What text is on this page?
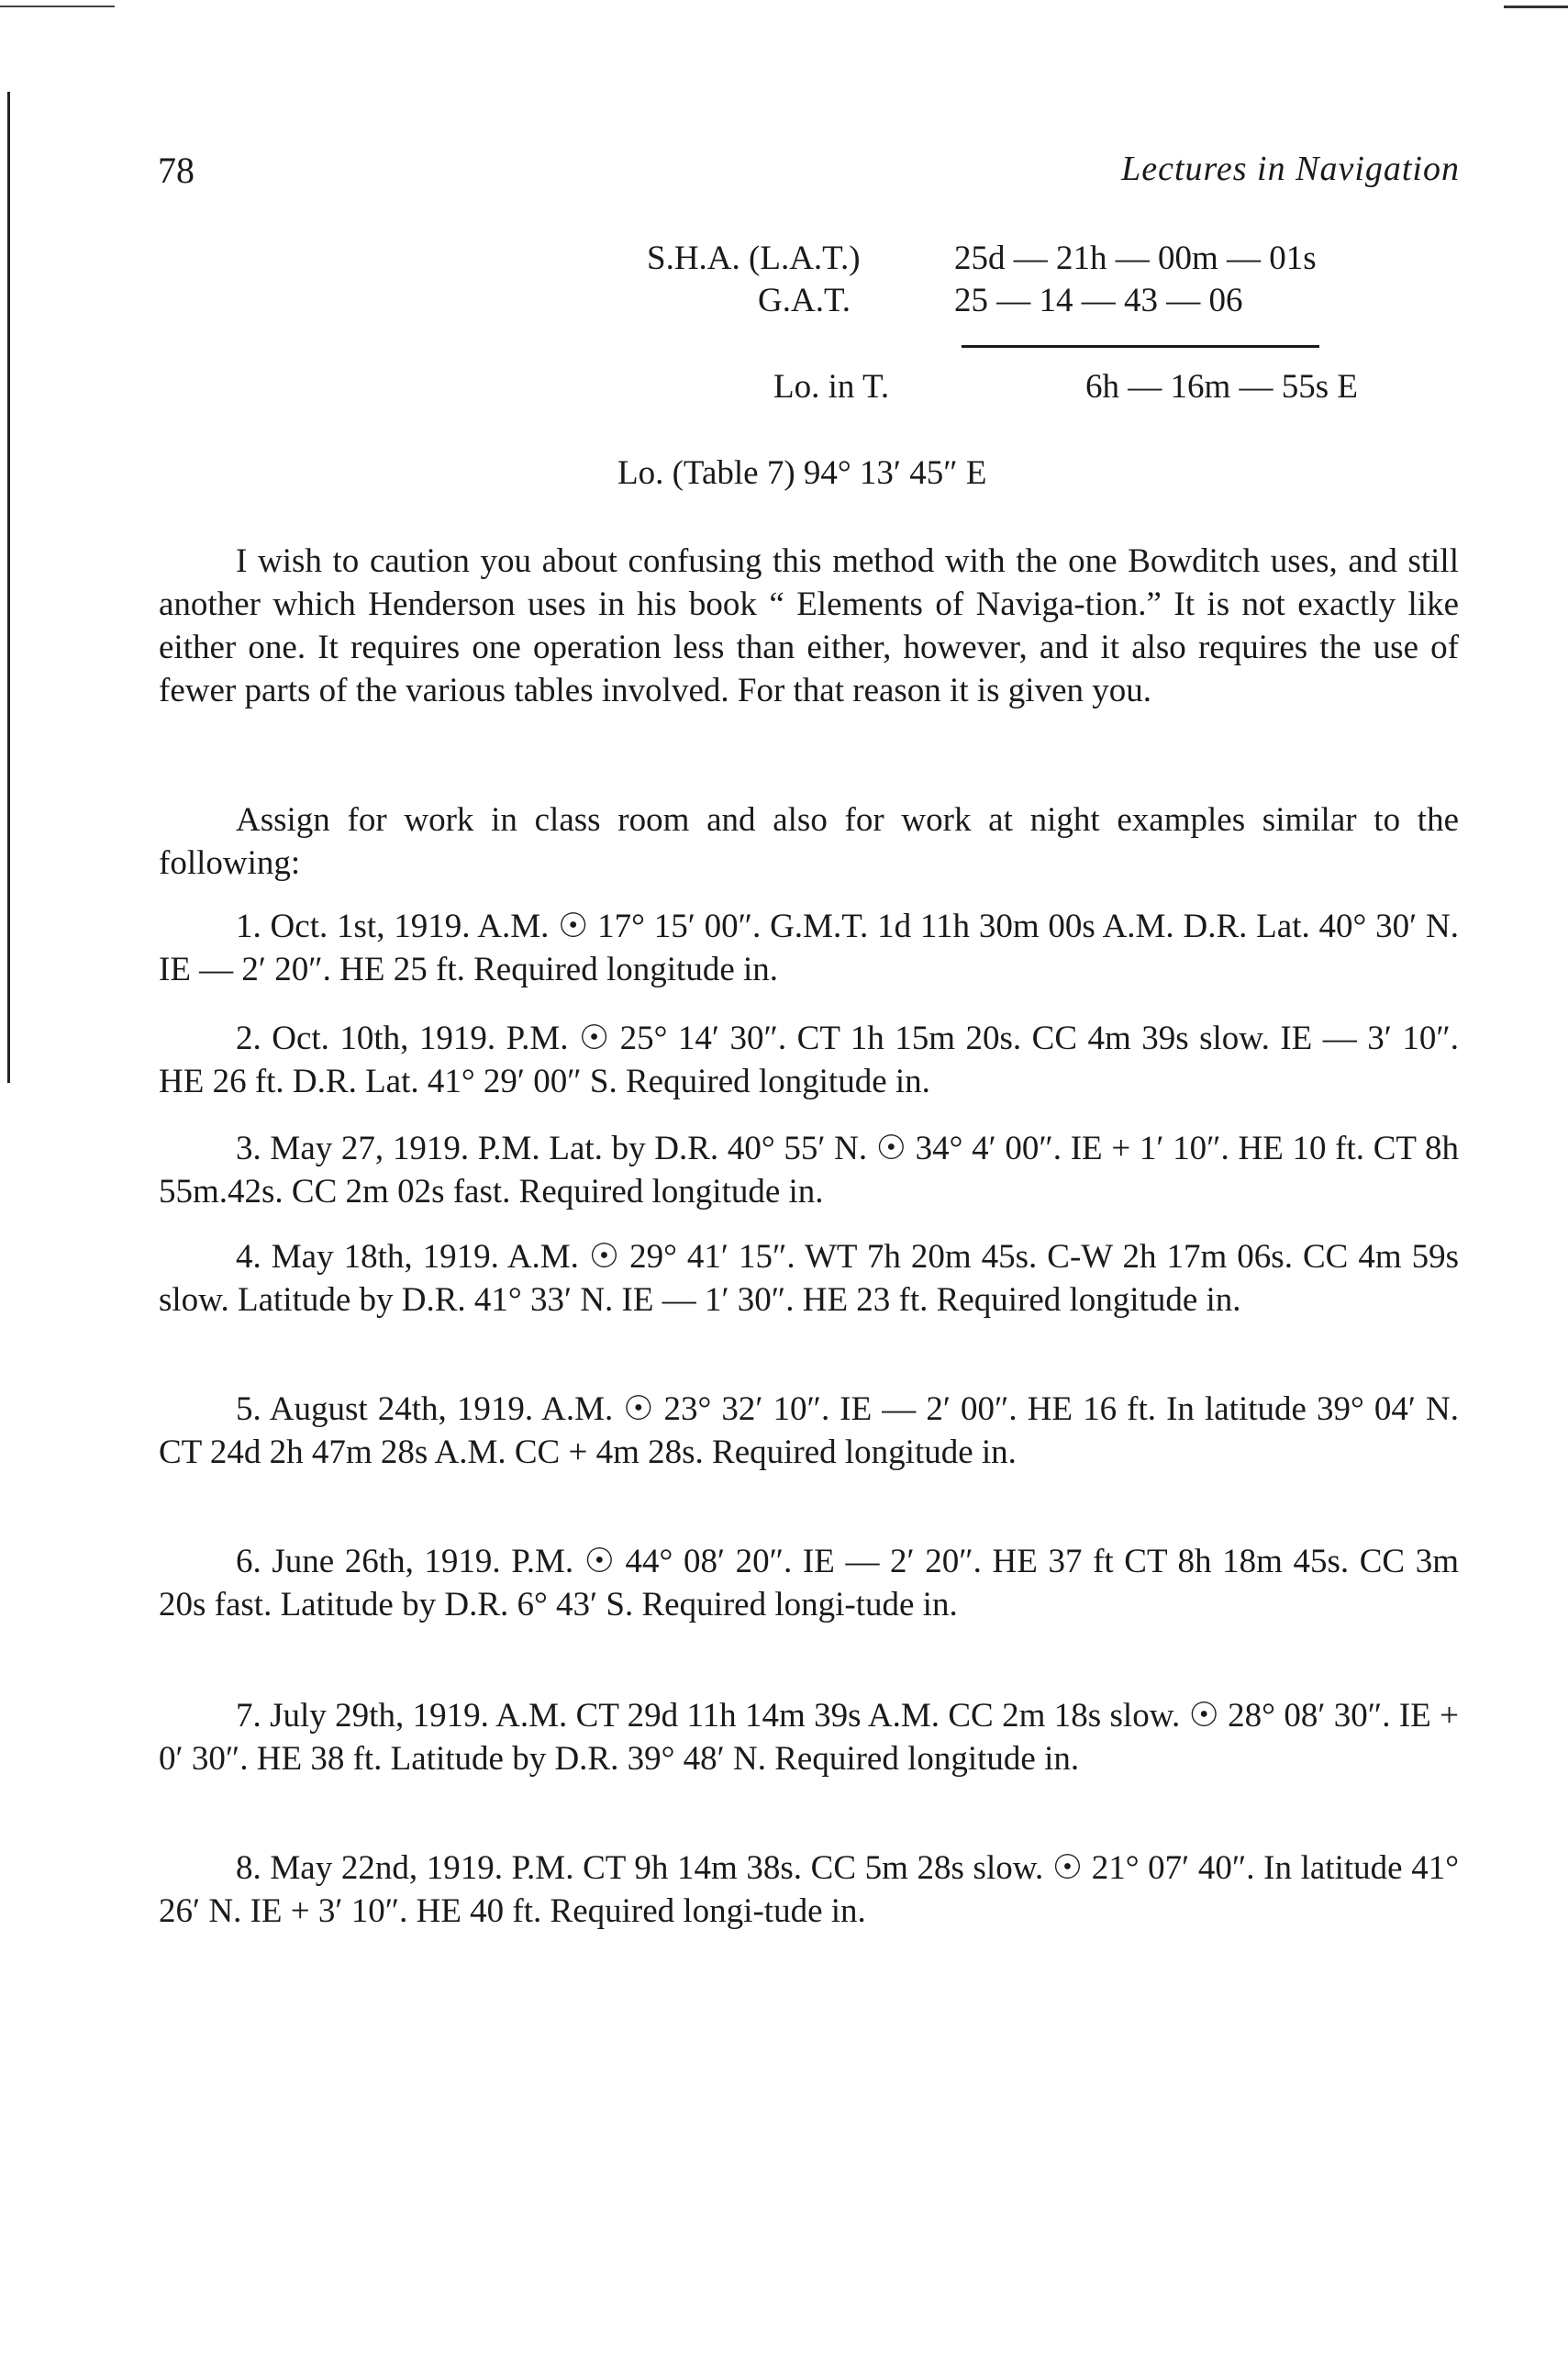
78	Lectures in Navigation
S.H.A. (L.A.T.)	25d — 21h — 00m — 01s
G.A.T.	25 — 14 — 43 — 06
Lo. in T.	6h — 16m — 55s E
Lo. (Table 7) 94° 13′ 45″ E
I wish to caution you about confusing this method with the one Bowditch uses, and still another which Henderson uses in his book “ Elements of Naviga-tion.” It is not exactly like either one. It requires one operation less than either, however, and it also requires the use of fewer parts of the various tables involved. For that reason it is given you.
Assign for work in class room and also for work at night examples similar to the following:
1. Oct. 1st, 1919. A.M. ☉ 17° 15′ 00″. G.M.T. 1d 11h 30m 00s A.M. D.R. Lat. 40° 30′ N. IE — 2′ 20″. HE 25 ft. Required longitude in.
2. Oct. 10th, 1919. P.M. ☉ 25° 14′ 30″. CT 1h 15m 20s. CC 4m 39s slow. IE — 3′ 10″. HE 26 ft. D.R. Lat. 41° 29′ 00″ S. Required longitude in.
3. May 27, 1919. P.M. Lat. by D.R. 40° 55′ N. ☉ 34° 4′ 00″. IE + 1′ 10″. HE 10 ft. CT 8h 55m.42s. CC 2m 02s fast. Required longitude in.
4. May 18th, 1919. A.M. ☉ 29° 41′ 15″. WT 7h 20m 45s. C-W 2h 17m 06s. CC 4m 59s slow. Latitude by D.R. 41° 33′ N. IE — 1′ 30″. HE 23 ft. Required longitude in.
5. August 24th, 1919. A.M. ☉ 23° 32′ 10″. IE — 2′ 00″. HE 16 ft. In latitude 39° 04′ N. CT 24d 2h 47m 28s A.M. CC + 4m 28s. Required longitude in.
6. June 26th, 1919. P.M. ☉ 44° 08′ 20″. IE — 2′ 20″. HE 37 ft CT 8h 18m 45s. CC 3m 20s fast. Latitude by D.R. 6° 43′ S. Required longi-tude in.
7. July 29th, 1919. A.M. CT 29d 11h 14m 39s A.M. CC 2m 18s slow. ☉ 28° 08′ 30″. IE + 0′ 30″. HE 38 ft. Latitude by D.R. 39° 48′ N. Required longitude in.
8. May 22nd, 1919. P.M. CT 9h 14m 38s. CC 5m 28s slow. ☉ 21° 07′ 40″. In latitude 41° 26′ N. IE + 3′ 10″. HE 40 ft. Required longi-tude in.
